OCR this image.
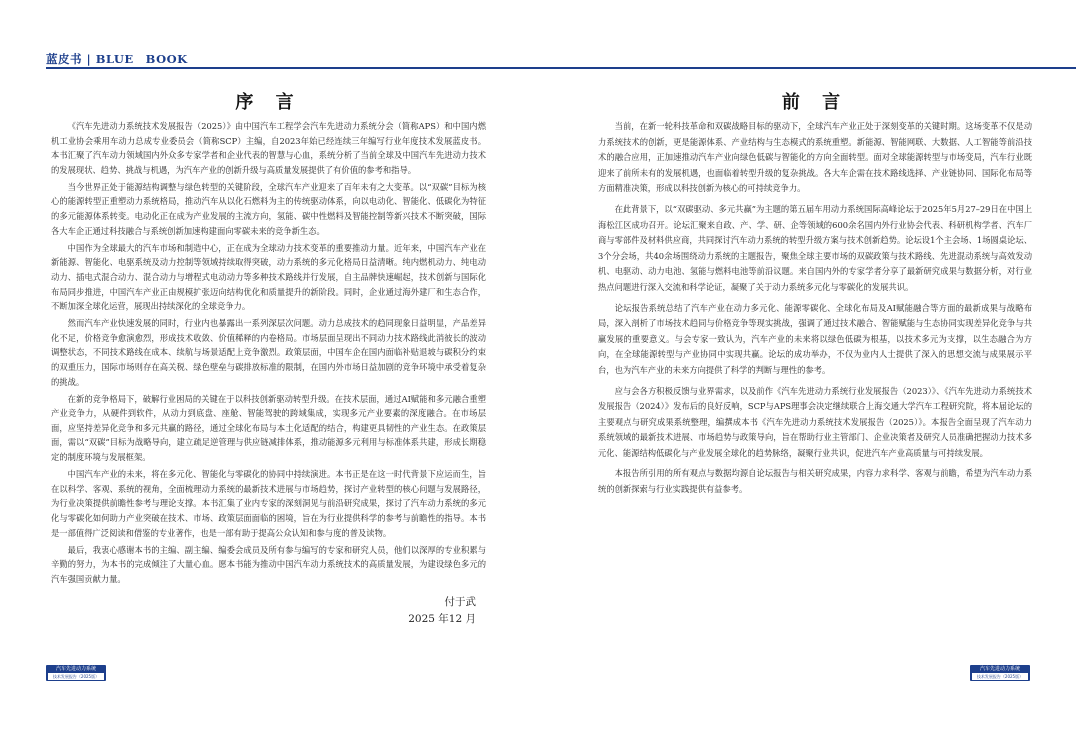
蓝皮书 | BLUE　BOOK
序 言

《汽车先进动力系统技术发展报告（2025）》由中国汽车工程学会汽车先进动力系统分会（简称APS）和中国内燃机工业协会乘用车动力总成专业委员会（简称SCP）主编，自2023年始已经连续三年编写行业年度技术发展蓝皮书。本书汇聚了汽车动力领域国内外众多专家学者和企业代表的智慧与心血，系统分析了当前全球及中国汽车先进动力技术的发展现状、趋势、挑战与机遇，为汽车产业的创新升级与高质量发展提供了有价值的参考和指导。

当今世界正处于能源结构调整与绿色转型的关键阶段，全球汽车产业迎来了百年未有之大变革。以“双碳”目标为核心的能源转型正重塑动力系统格局，推动汽车从以化石燃料为主的传统驱动体系，向以电动化、智能化、低碳化为特征的多元能源体系转变。电动化正在成为产业发展的主流方向，氢能、碳中性燃料及智能控制等新兴技术不断突破，国际各大车企正通过科技融合与系统创新加速构建面向零碳未来的竞争新生态。

中国作为全球最大的汽车市场和制造中心，正在成为全球动力技术变革的重要推动力量。近年来，中国汽车产业在新能源、智能化、电驱系统及动力控制等领域持续取得突破，动力系统的多元化格局日益清晰。纯内燃机动力、纯电动动力、插电式混合动力、混合动力与增程式电动动力等多种技术路线并行发展，自主品牌快速崛起，技术创新与国际化布局同步推进，中国汽车产业正由规模扩张迈向结构优化和质量提升的新阶段。同时，企业通过海外建厂和生态合作，不断加深全球化运营，展现出持续深化的全球竞争力。

然而汽车产业快速发展的同时，行业内也暴露出一系列深层次问题。动力总成技术的趋同现象日益明显，产品差异化不足，价格竞争愈演愈烈，形成技术收敛、价值稀释的内卷格局。市场层面呈现出不同动力技术路线此消彼长的波动调整状态，不同技术路线在成本、续航与场景适配上竞争激烈。政策层面，中国车企在国内面临补贴退坡与碳积分约束的双重压力，国际市场则存在高关税、绿色壁垒与碳排放标准的限制，在国内外市场日益加剧的竞争环境中承受着复杂的挑战。

在新的竞争格局下，破解行业困局的关键在于以科技创新驱动转型升级。在技术层面，通过AI赋能和多元融合重塑产业竞争力，从硬件到软件，从动力到底盘、座舱、智能驾驶的跨域集成，实现多元产业要素的深度融合。在市场层面，应坚持差异化竞争和多元共赢的路径，通过全球化布局与本土化适配的结合，构建更具韧性的产业生态。在政策层面，需以“双碳”目标为战略导向，建立疏足逆管理与供应链减排体系，推动能源多元利用与标准体系共建，形成长期稳定的制度环境与发展框架。

中国汽车产业的未来，将在多元化、智能化与零碳化的协同中持续演进。本书正是在这一时代背景下应运而生，旨在以科学、客观、系统的视角，全面梳理动力系统的最新技术进展与市场趋势，探讨产业转型的核心问题与发展路径，为行业决策提供前瞻性参考与理论支撑。本书汇集了业内专家的深刻洞见与前沿研究成果，探讨了汽车动力系统的多元化与零碳化如何助力产业突破在技术、市场、政策层面面临的困境，旨在为行业提供科学的参考与前瞻性的指导。本书是一部值得广泛阅读和借鉴的专业著作，也是一部有助于提高公众认知和参与度的普及读物。

最后，我衷心感谢本书的主编、副主编、编委会成员及所有参与编写的专家和研究人员，他们以深厚的专业积累与辛勤的努力，为本书的完成倾注了大量心血。愿本书能为推动中国汽车动力系统技术的高质量发展，为建设绿色多元的汽车强国贡献力量。

付于武
2025 年12 月
前 言

当前，在新一轮科技革命和双碳战略目标的驱动下，全球汽车产业正处于深刻变革的关键时期。这场变革不仅是动力系统技术的创新，更是能源体系、产业结构与生态模式的系统重塑。新能源、智能网联、大数据、人工智能等前沿技术的融合应用，正加速推动汽车产业向绿色低碳与智能化的方向全面转型。面对全球能源转型与市场变局，汽车行业既迎来了前所未有的发展机遇，也面临着转型升级的复杂挑战。各大车企需在技术路线选择、产业链协同、国际化布局等方面精准决策，形成以科技创新为核心的可持续竞争力。

在此背景下，以“双碳驱动、多元共赢”为主题的第五届车用动力系统国际高峰论坛于2025年5月27–29日在中国上海松江区成功召开。论坛汇聚来自政、产、学、研、企等领域的600余名国内外行业协会代表、科研机构学者、汽车厂商与零部件及材料供应商，共同探讨汽车动力系统的转型升级方案与技术创新趋势。论坛设1个主会场、1场圆桌论坛、3个分会场，共40余场围绕动力系统的主题报告，聚焦全球主要市场的双碳政策与技术路线、先进混动系统与高效发动机、电驱动、动力电池、氢能与燃料电池等前沿议题。来自国内外的专家学者分享了最新研究成果与数据分析，对行业热点问题进行深入交流和科学论证，凝聚了关于动力系统多元化与零碳化的发展共识。

论坛报告系统总结了汽车产业在动力多元化、能源零碳化、全球化布局及AI赋能融合等方面的最新成果与战略布局，深入剖析了市场技术趋同与价格竞争等现实挑战，强调了通过技术融合、智能赋能与生态协同实现差异化竞争与共赢发展的重要意义。与会专家一致认为，汽车产业的未来将以绿色低碳为根基，以技术多元为支撑，以生态融合为方向，在全球能源转型与产业协同中实现共赢。论坛的成功举办，不仅为业内人士提供了深入的思想交流与成果展示平台，也为汽车产业的未来方向提供了科学的判断与理性的参考。

应与会各方积极反馈与业界需求，以及前作《汽车先进动力系统行业发展报告（2023）》、《汽车先进动力系统技术发展报告（2024）》发布后的良好反响，SCP与APS理事会决定继续联合上海交通大学汽车工程研究院，将本届论坛的主要观点与研究成果系统整理，编撰成本书《汽车先进动力系统技术发展报告（2025）》。本报告全面呈现了汽车动力系统领域的最新技术进展、市场趋势与政策导向，旨在帮助行业主管部门、企业决策者及研究人员准确把握动力技术多元化、能源结构低碳化与产业发展全球化的趋势脉络，凝聚行业共识，促进汽车产业高质量与可持续发展。

本报告所引用的所有观点与数据均源自论坛报告与相关研究成果，内容力求科学、客观与前瞻，希望为汽车动力系统的创新探索与行业实践提供有益参考。

汽车先进动力系统
技术发展报告（2025版）
汽车先进动力系统
技术发展报告（2025版）
